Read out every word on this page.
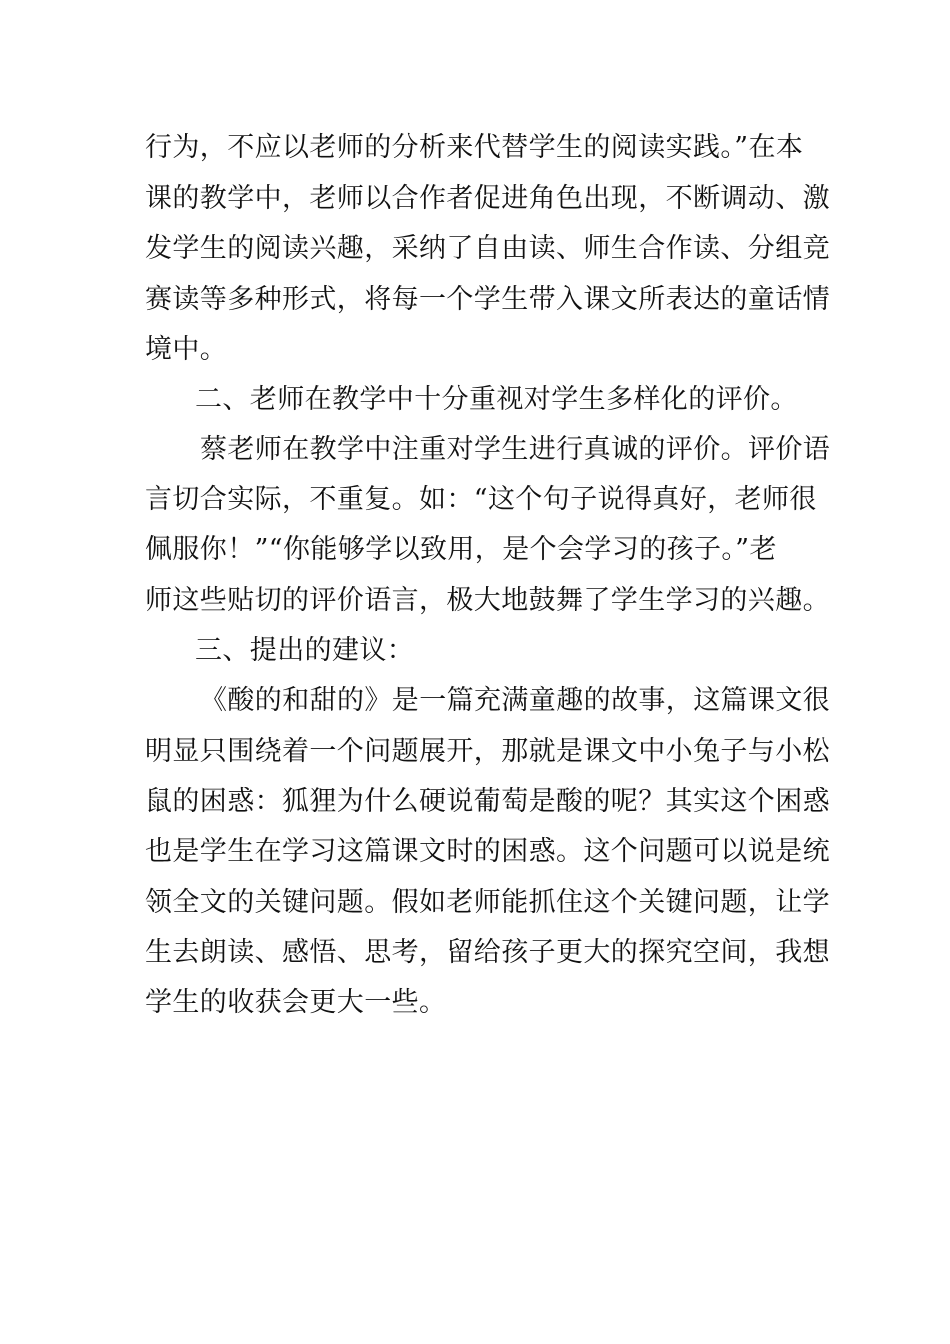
行为，不应以老师的分析来代替学生的阅读实践。”在本

课的教学中，老师以合作者促进角色出现，不断调动、激

发学生的阅读兴趣，采纳了自由读、师生合作读、分组竞

赛读等多种形式，将每一个学生带入课文所表达的童话情

境中。

二、老师在教学中十分重视对学生多样化的评价。

蔡老师在教学中注重对学生进行真诚的评价。评价语

言切合实际，不重复。如：“这个句子说得真好，老师很

佩服你！”“你能够学以致用，是个会学习的孩子。”老

师这些贴切的评价语言，极大地鼓舞了学生学习的兴趣。

三、提出的建议：

《酸的和甜的》是一篇充满童趣的故事，这篇课文很

明显只围绕着一个问题展开，那就是课文中小兔子与小松

鼠的困惑：狐狸为什么硬说葡萄是酸的呢？其实这个困惑

也是学生在学习这篇课文时的困惑。这个问题可以说是统

领全文的关键问题。假如老师能抓住这个关键问题，让学

生去朗读、感悟、思考，留给孩子更大的探究空间，我想

学生的收获会更大一些。
